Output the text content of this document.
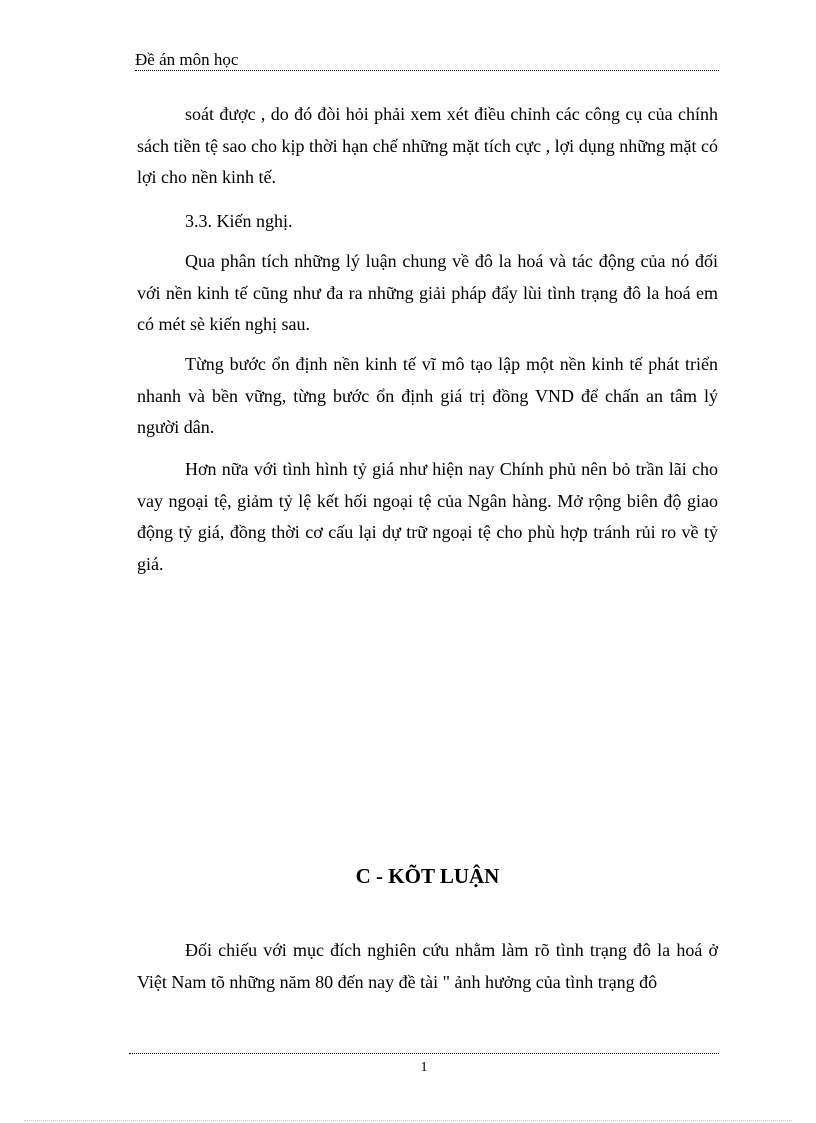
Đề án môn học

soát được , do đó đòi hỏi phải xem xét điều chỉnh các công cụ của chính sách tiền tệ sao cho kịp thời hạn chế những mặt tích cực , lợi dụng những mặt có lợi cho nền kinh tế.

3.3. Kiến nghị.

Qua phân tích những lý luận chung về đô la hoá và tác động của nó đối với nền kinh tế cũng như đa ra những giải pháp đẩy lùi tình trạng đô la hoá em có mét sè kiến nghị sau.

Từng bước ổn định nền kinh tế vĩ mô tạo lập một nền kinh tế phát triển nhanh và bền vững, từng bước ổn định giá trị đồng VND để chấn an tâm lý người dân.

Hơn nữa với tình hình tỷ giá như hiện nay Chính phủ nên bỏ trần lãi cho vay ngoại tệ, giảm tỷ lệ kết hối ngoại tệ của Ngân hàng. Mở rộng biên độ giao động tỷ giá, đồng thời cơ cấu lại dự trữ ngoại tệ cho phù hợp tránh rủi ro về tỷ giá.

C - KÕT LUẬN

Đối chiếu với mục đích nghiên cứu nhằm làm rõ tình trạng đô la hoá ở Việt Nam tõ những năm 80 đến nay đề tài " ảnh hưởng của tình trạng đô

1
